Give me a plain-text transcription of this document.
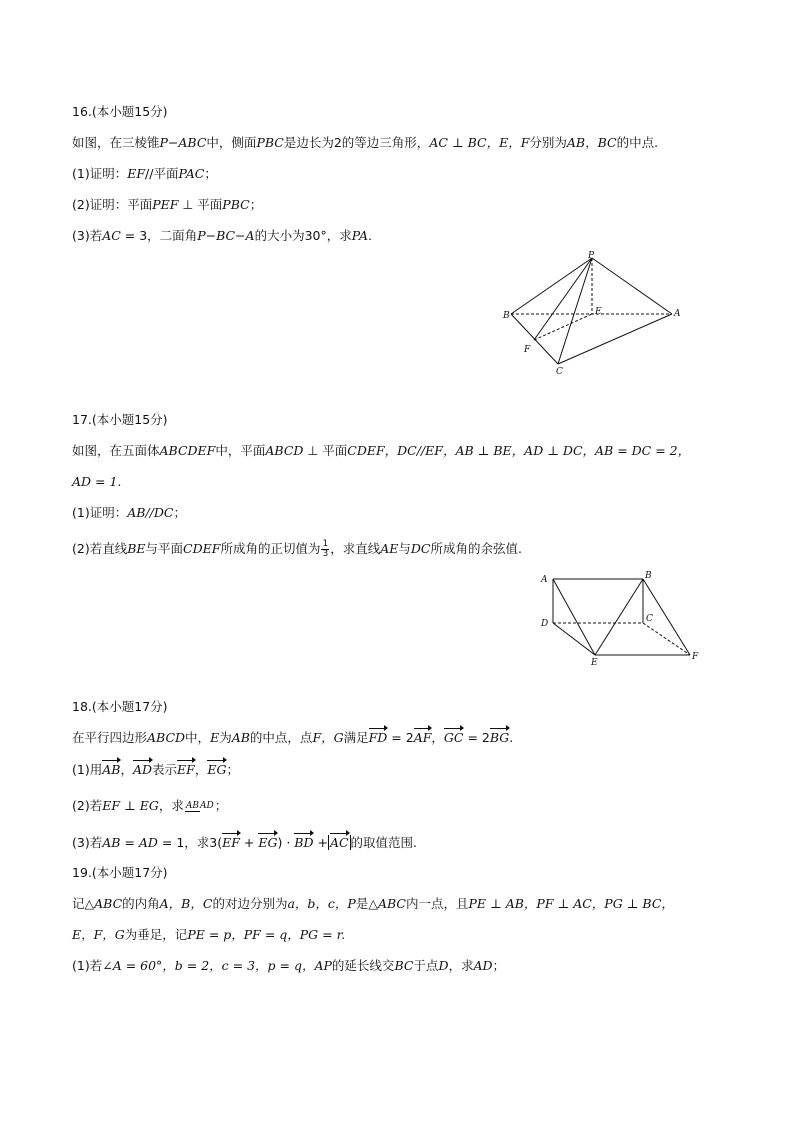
16.(本小题15分)
如图，在三棱锥P−ABC中，侧面PBC是边长为2的等边三角形，AC ⊥ BC，E，F分别为AB，BC的中点.
(1)证明：EF//平面PAC；
(2)证明：平面PEF ⊥ 平面PBC；
(3)若AC = 3，二面角P−BC−A的大小为30°，求PA.
P
B	E	A
F
C
17.(本小题15分)
如图，在五面体ABCDEF中，平面ABCD ⊥ 平面CDEF，DC//EF，AB ⊥ BE，AD ⊥ DC，AB = DC = 2，
AD = 1.
(1)证明：AB//DC；
(2)若直线BE与平面CDEF所成角的正切值为 $\frac{1}{3}$ ，求直线AE与DC所成角的余弦值.
A	B
D	C
E
F
18.(本小题17分)
在平行四边形ABCD中，E为AB的中点，点F，G满足FD = 2AF，GC = 2BG.
(1)用AB，AD表示EF，EG；
(2)若EF ⊥ EG，求 ABAD；
(3)若AB = AD = 1，求3(EF + EG) · BD + AC 的取值范围.
19.(本小题17分)
记△ABC的内角A，B，C的对边分别为a，b，c，P是△ABC内一点，且PE ⊥ AB，PF ⊥ AC，PG ⊥ BC，
E，F，G为垂足，记PE = p，PF = q，PG = r.
(1)若∠A = 60°，b = 2，c = 3，p = q，AP的延长线交BC于点D，求AD；
